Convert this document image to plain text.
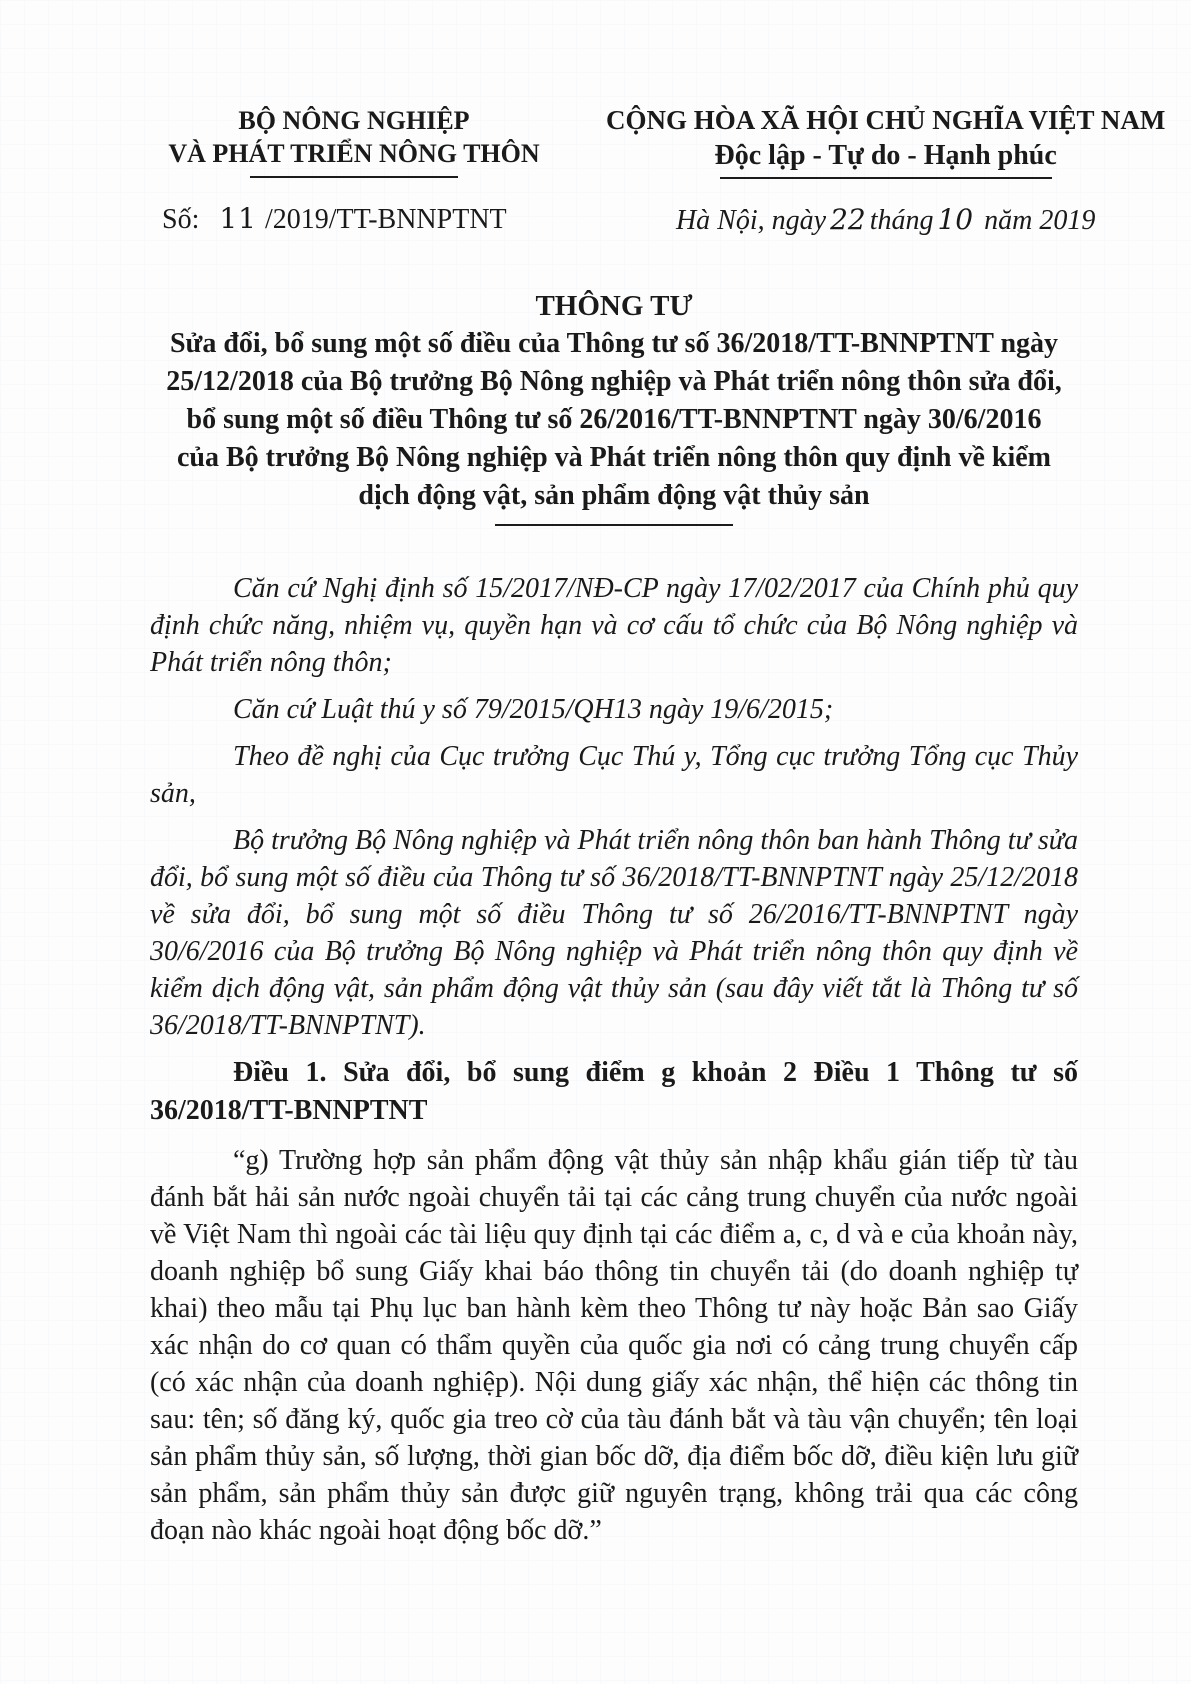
BỘ NÔNG NGHIỆP
VÀ PHÁT TRIỂN NÔNG THÔN
Số: 11 /2019/TT-BNNPTNT
CỘNG HÒA XÃ HỘI CHỦ NGHĨA VIỆT NAM
Độc lập - Tự do - Hạnh phúc
Hà Nội, ngày 22 tháng 10 năm 2019
THÔNG TƯ
Sửa đổi, bổ sung một số điều của Thông tư số 36/2018/TT-BNNPTNT ngày
25/12/2018 của Bộ trưởng Bộ Nông nghiệp và Phát triển nông thôn sửa đổi,
bổ sung một số điều Thông tư số 26/2016/TT-BNNPTNT ngày 30/6/2016
của Bộ trưởng Bộ Nông nghiệp và Phát triển nông thôn quy định về kiểm
dịch động vật, sản phẩm động vật thủy sản

Căn cứ Nghị định số 15/2017/NĐ-CP ngày 17/02/2017 của Chính phủ quy định chức năng, nhiệm vụ, quyền hạn và cơ cấu tổ chức của Bộ Nông nghiệp và Phát triển nông thôn;

Căn cứ Luật thú y số 79/2015/QH13 ngày 19/6/2015;

Theo đề nghị của Cục trưởng Cục Thú y, Tổng cục trưởng Tổng cục Thủy sản,

Bộ trưởng Bộ Nông nghiệp và Phát triển nông thôn ban hành Thông tư sửa đổi, bổ sung một số điều của Thông tư số 36/2018/TT-BNNPTNT ngày 25/12/2018 về sửa đổi, bổ sung một số điều Thông tư số 26/2016/TT-BNNPTNT ngày 30/6/2016 của Bộ trưởng Bộ Nông nghiệp và Phát triển nông thôn quy định về kiểm dịch động vật, sản phẩm động vật thủy sản (sau đây viết tắt là Thông tư số 36/2018/TT-BNNPTNT).

Điều 1. Sửa đổi, bổ sung điểm g khoản 2 Điều 1 Thông tư số
36/2018/TT-BNNPTNT

“g) Trường hợp sản phẩm động vật thủy sản nhập khẩu gián tiếp từ tàu đánh bắt hải sản nước ngoài chuyển tải tại các cảng trung chuyển của nước ngoài về Việt Nam thì ngoài các tài liệu quy định tại các điểm a, c, d và e của khoản này, doanh nghiệp bổ sung Giấy khai báo thông tin chuyển tải (do doanh nghiệp tự khai) theo mẫu tại Phụ lục ban hành kèm theo Thông tư này hoặc Bản sao Giấy xác nhận do cơ quan có thẩm quyền của quốc gia nơi có cảng trung chuyển cấp (có xác nhận của doanh nghiệp). Nội dung giấy xác nhận, thể hiện các thông tin sau: tên; số đăng ký, quốc gia treo cờ của tàu đánh bắt và tàu vận chuyển; tên loại sản phẩm thủy sản, số lượng, thời gian bốc dỡ, địa điểm bốc dỡ, điều kiện lưu giữ sản phẩm, sản phẩm thủy sản được giữ nguyên trạng, không trải qua các công đoạn nào khác ngoài hoạt động bốc dỡ.”
